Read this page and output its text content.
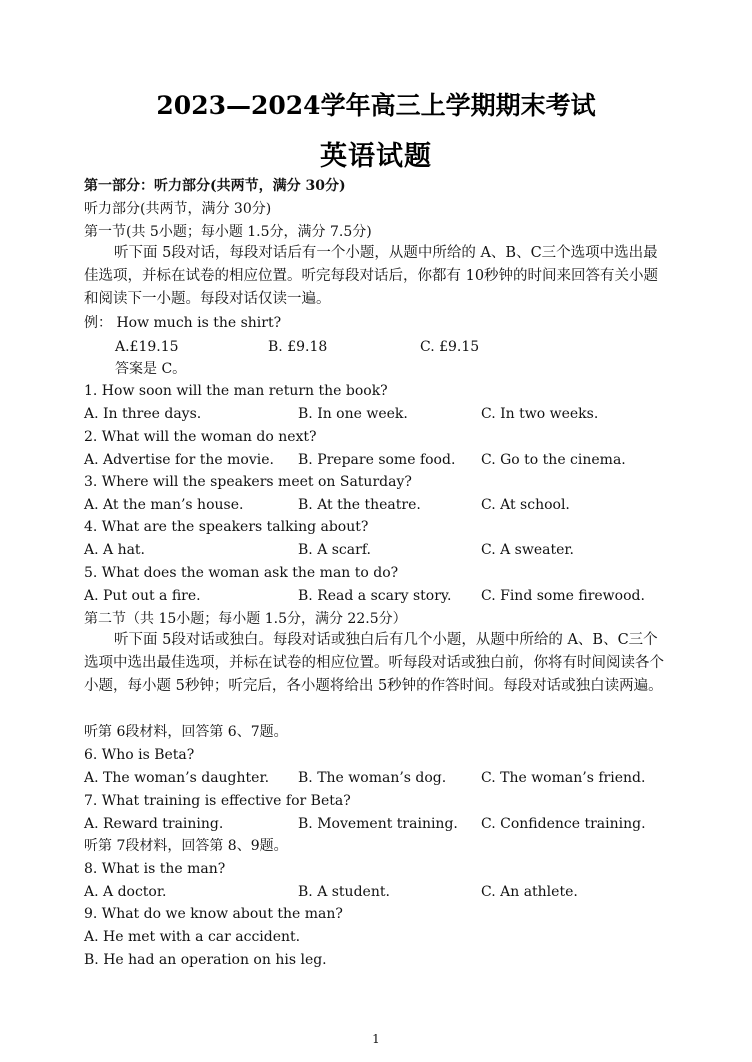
2023—2024学年高三上学期期末考试
英语试题
第一部分：听力部分(共两节，满分 30分)
听力部分(共两节，满分 30分)
第一节(共 5小题；每小题 1.5分，满分 7.5分)
听下面 5段对话，每段对话后有一个小题，从题中所给的 A、B、C三个选项中选出最佳选项，并标在试卷的相应位置。听完每段对话后，你都有 10秒钟的时间来回答有关小题和阅读下一小题。每段对话仅读一遍。
例： How much is the shirt?
A.£19.15	B. £9.18	C. £9.15
答案是 C。
1. How soon will the man return the book?
A. In three days.	B. In one week.	C. In two weeks.
2. What will the woman do next?
A. Advertise for the movie. B. Prepare some food. C. Go to the cinema.
3. Where will the speakers meet on Saturday?
A. At the man’s house.	B. At the theatre.	C. At school.
4. What are the speakers talking about?
A. A hat.	B. A scarf.	C. A sweater.
5. What does the woman ask the man to do?
A. Put out a fire.	B. Read a scary story. C. Find some firewood.
第二节（共 15小题；每小题 1.5分，满分 22.5分）
听下面 5段对话或独白。每段对话或独白后有几个小题，从题中所给的 A、B、C三个选项中选出最佳选项，并标在试卷的相应位置。听每段对话或独白前，你将有时间阅读各个小题，每小题 5秒钟；听完后，各小题将给出 5秒钟的作答时间。每段对话或独白读两遍。
听第 6段材料，回答第 6、7题。
6. Who is Beta?
A. The woman’s daughter. B. The woman’s dog. C. The woman’s friend.
7. What training is effective for Beta?
A. Reward training.	B. Movement training. C. Confidence training.
听第 7段材料，回答第 8、9题。
8. What is the man?
A. A doctor.	B. A student.	C. An athlete.
9. What do we know about the man?
A. He met with a car accident.
B. He had an operation on his leg.
1
